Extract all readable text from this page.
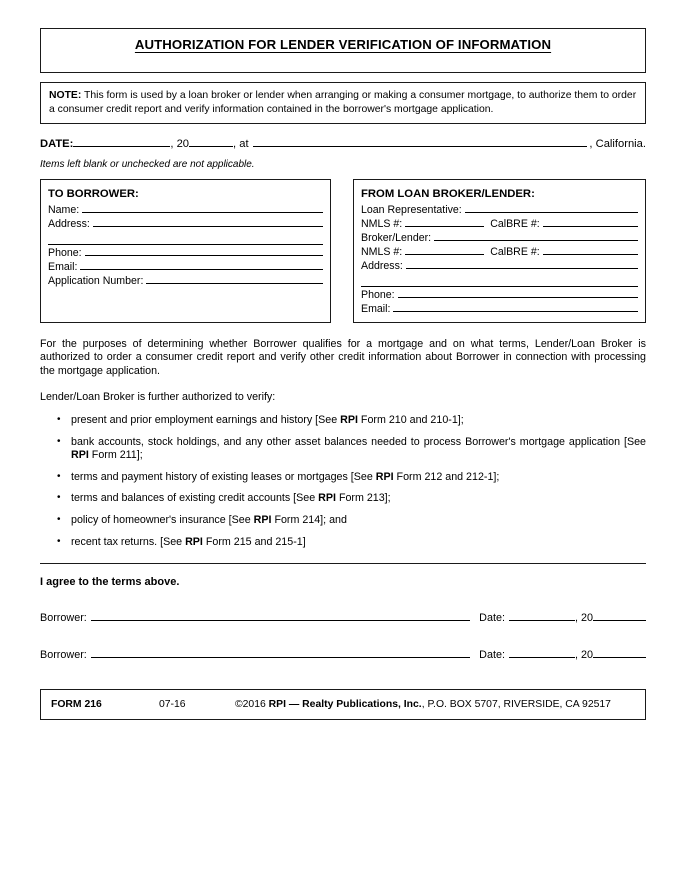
AUTHORIZATION FOR LENDER VERIFICATION OF INFORMATION
NOTE: This form is used by a loan broker or lender when arranging or making a consumer mortgage, to authorize them to order a consumer credit report and verify information contained in the borrower's mortgage application.
DATE:	, 20	, at	, California.
Items left blank or unchecked are not applicable.
TO BORROWER:
Name:
Address:
Phone:
Email:
Application Number:
FROM LOAN BROKER/LENDER:
Loan Representative:
NMLS #:	CalBRE #:
Broker/Lender:
NMLS #:	CalBRE #:
Address:
Phone:
Email:
For the purposes of determining whether Borrower qualifies for a mortgage and on what terms, Lender/Loan Broker is authorized to order a consumer credit report and verify other credit information about Borrower in connection with processing the mortgage application.
Lender/Loan Broker is further authorized to verify:
• present and prior employment earnings and history [See RPI Form 210 and 210-1];
• bank accounts, stock holdings, and any other asset balances needed to process Borrower's mortgage application [See RPI Form 211];
• terms and payment history of existing leases or mortgages [See RPI Form 212 and 212-1];
• terms and balances of existing credit accounts [See RPI Form 213];
• policy of homeowner's insurance [See RPI Form 214]; and
• recent tax returns. [See RPI Form 215 and 215-1]
I agree to the terms above.
Borrower:	Date:	, 20
Borrower:	Date:	, 20
FORM 216	07-16	©2016 RPI — Realty Publications, Inc., P.O. BOX 5707, RIVERSIDE, CA 92517
